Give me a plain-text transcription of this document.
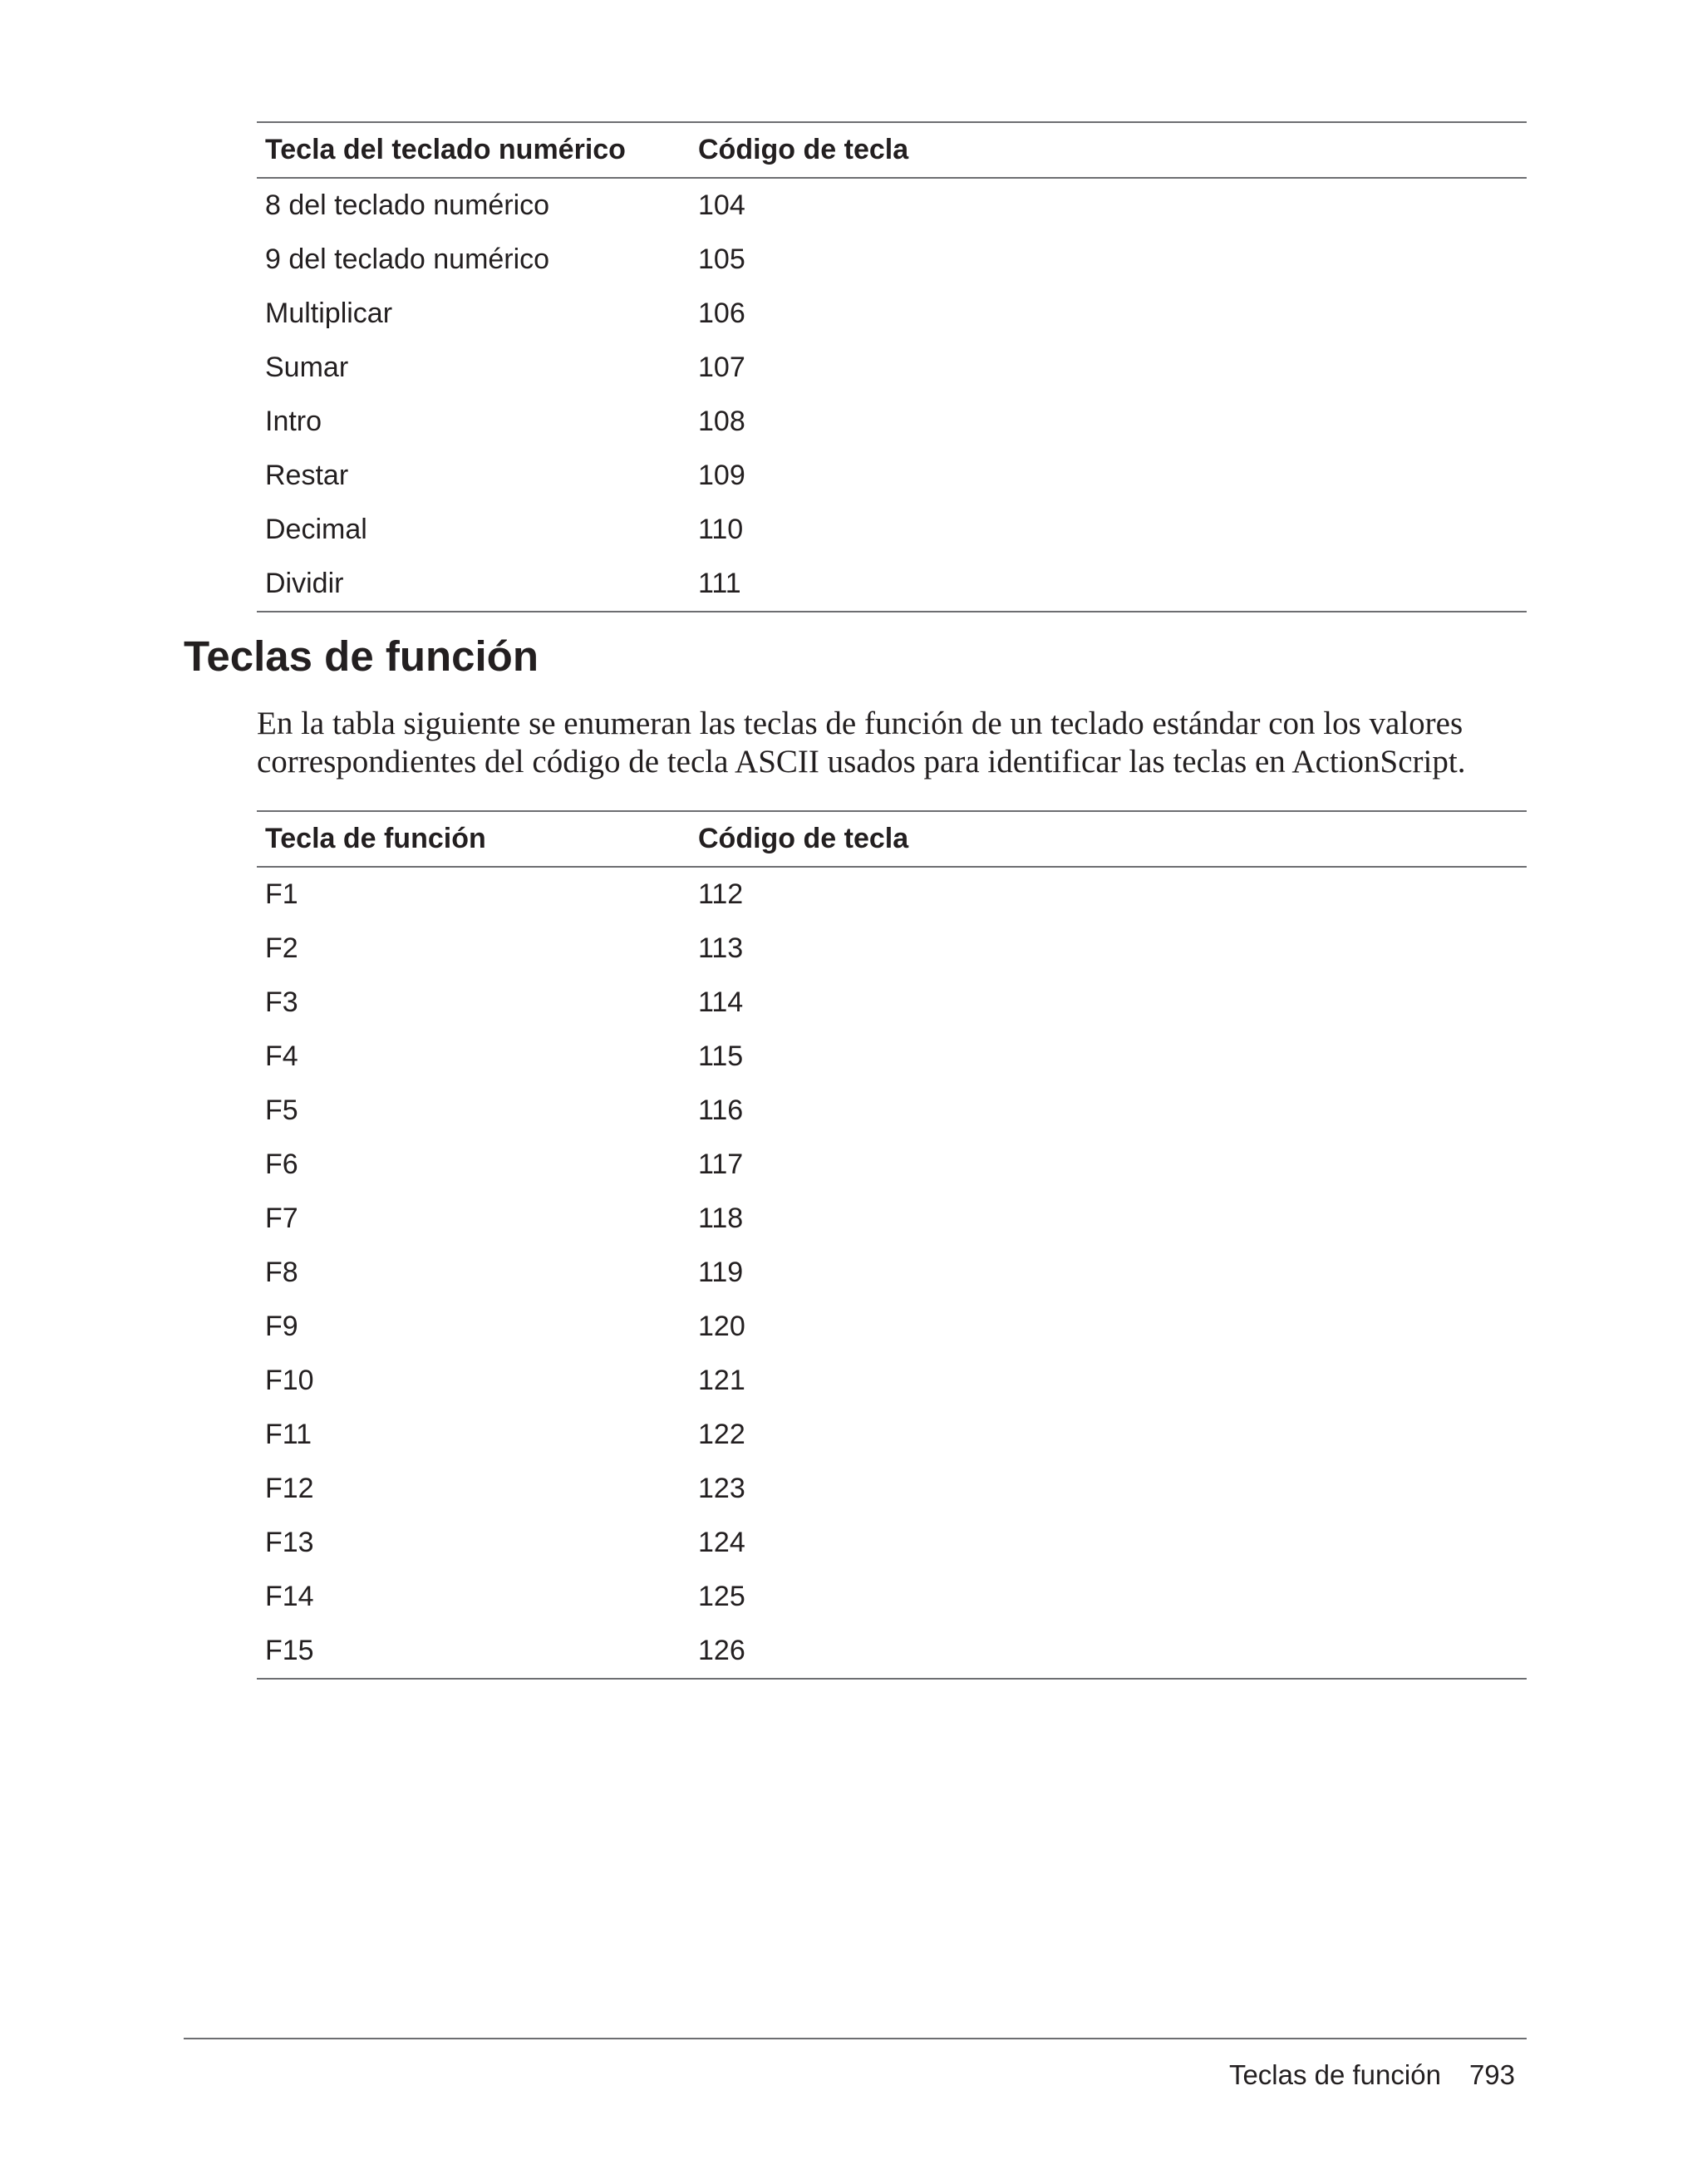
Tecla del teclado numérico	Código de tecla
8 del teclado numérico	104
9 del teclado numérico	105
Multiplicar	106
Sumar	107
Intro	108
Restar	109
Decimal	110
Dividir	111
Teclas de función

En la tabla siguiente se enumeran las teclas de función de un teclado estándar con los valores correspondientes del código de tecla ASCII usados para identificar las teclas en ActionScript.

Tecla de función	Código de tecla
F1	112
F2	113
F3	114
F4	115
F5	116
F6	117
F7	118
F8	119
F9	120
F10	121
F11	122
F12	123
F13	124
F14	125
F15	126
Teclas de función 793
